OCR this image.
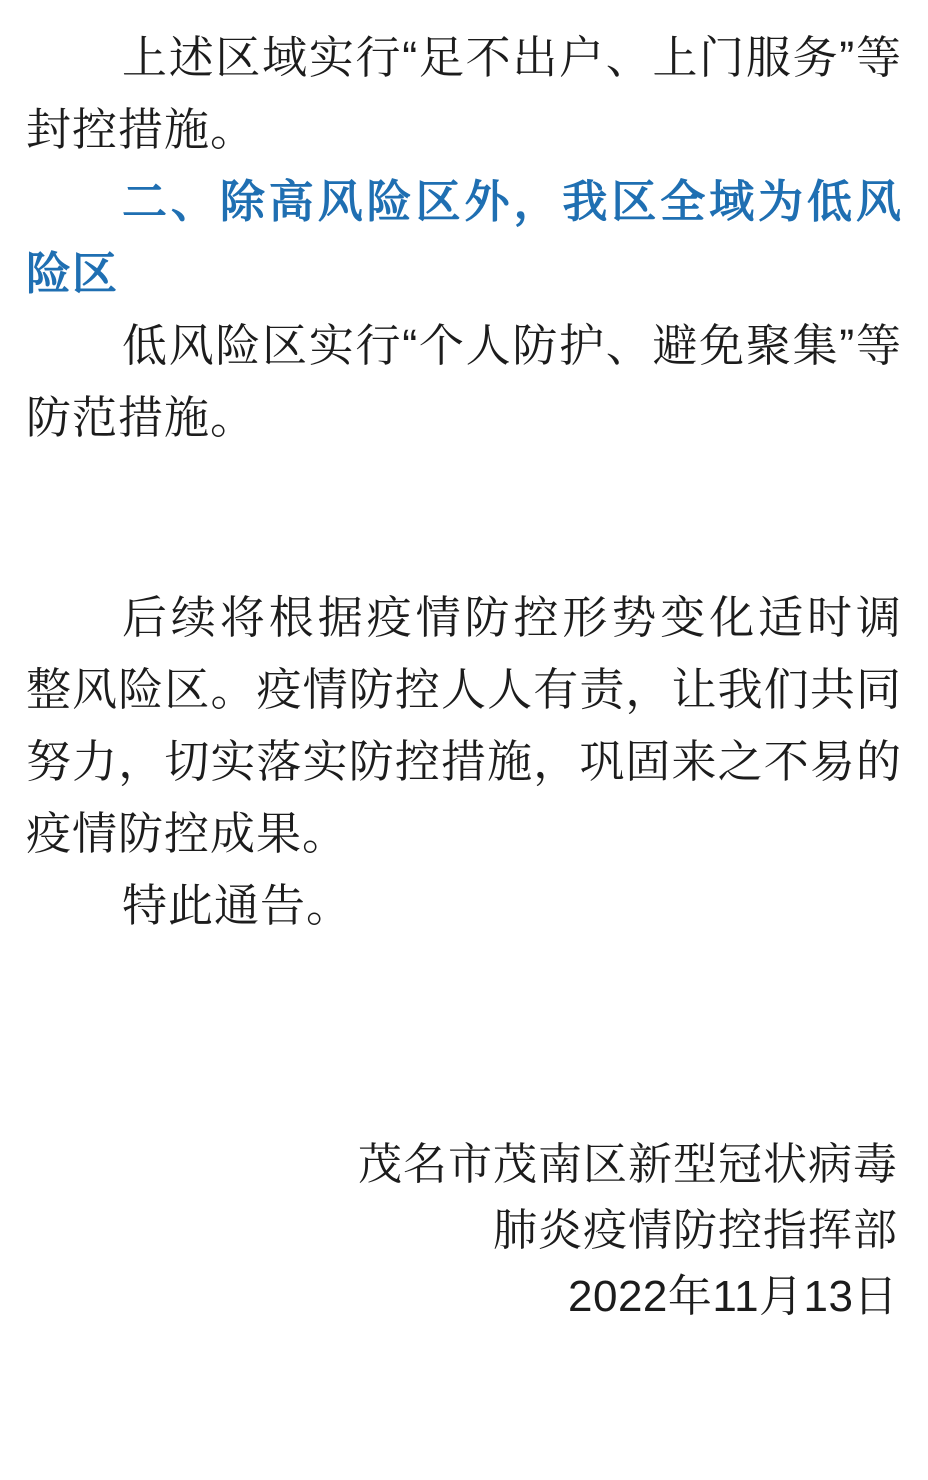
上述区域实行“足不出户、上门服务”等封控措施。

二、除高风险区外，我区全域为低风险区

低风险区实行“个人防护、避免聚集”等防范措施。

后续将根据疫情防控形势变化适时调整风险区。疫情防控人人有责，让我们共同努力，切实落实防控措施，巩固来之不易的疫情防控成果。

特此通告。

茂名市茂南区新型冠状病毒
肺炎疫情防控指挥部
2022年11月13日
